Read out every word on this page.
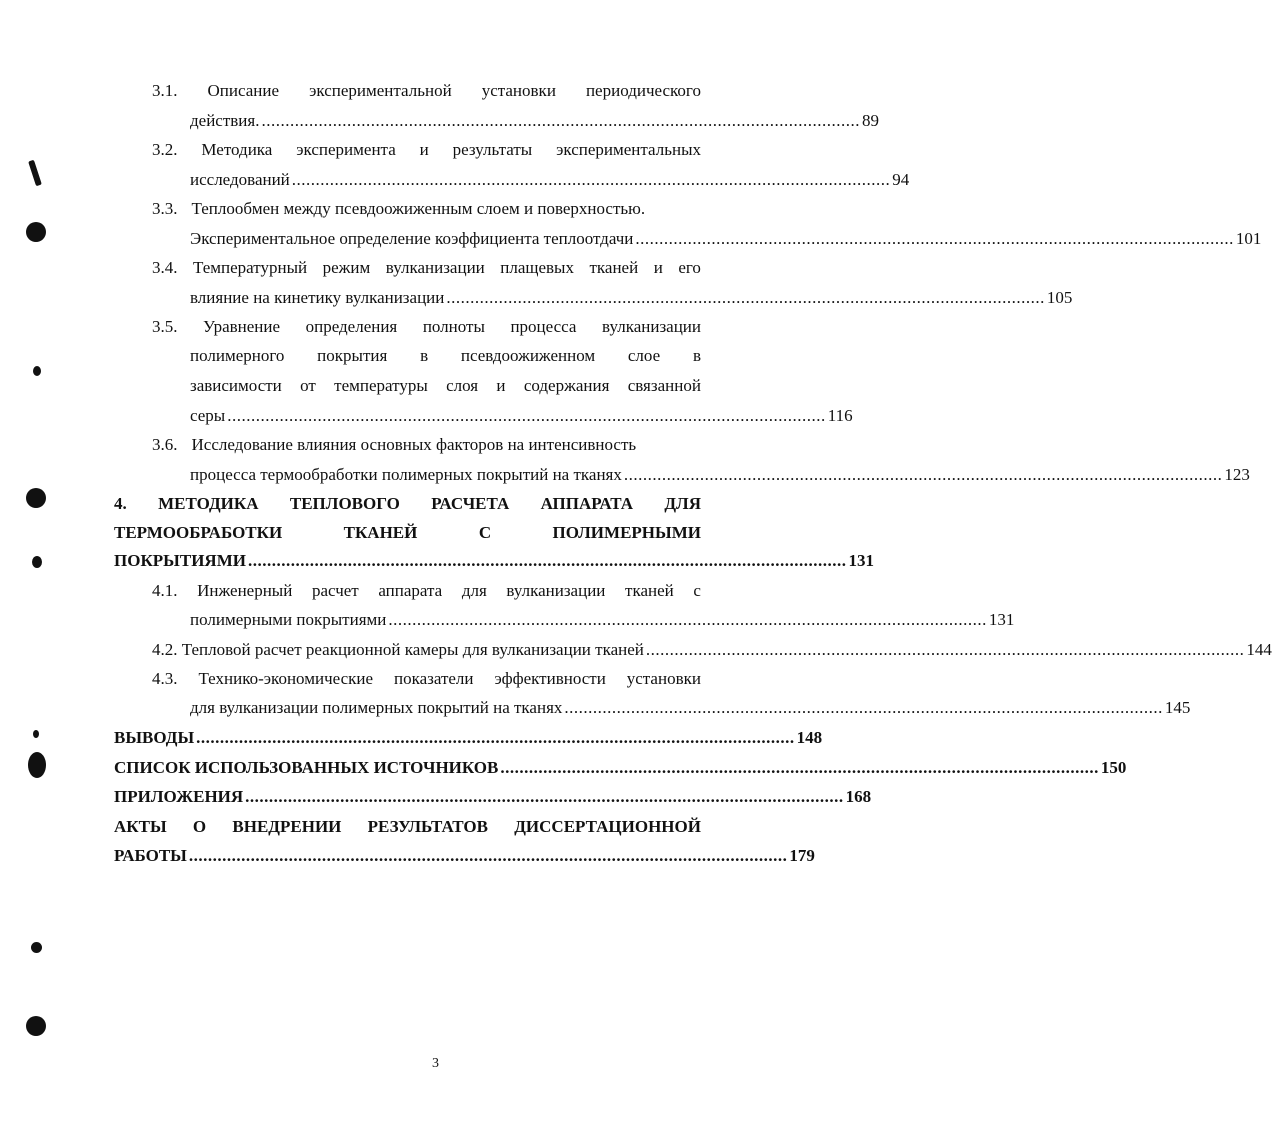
3.1. Описание экспериментальной установки периодического
действия. .............................................................................................................................. 89
3.2. Методика эксперимента и результаты экспериментальных
исследований .............................................................................................................................. 94
3.3. Теплообмен между псевдоожиженным слоем и поверхностью.
Экспериментальное определение коэффициента теплоотдачи .............................................................................................................................. 101
3.4. Температурный режим вулканизации плащевых тканей и его
влияние на кинетику вулканизации .............................................................................................................................. 105
3.5. Уравнение определения полноты процесса вулканизации
полимерного покрытия в псевдоожиженном слое в
зависимости от температуры слоя и содержания связанной
серы .............................................................................................................................. 116
3.6. Исследование влияния основных факторов на интенсивность
процесса термообработки полимерных покрытий на тканях .............................................................................................................................. 123
4. МЕТОДИКА ТЕПЛОВОГО РАСЧЕТА АППАРАТА ДЛЯ
ТЕРМООБРАБОТКИ	ТКАНЕЙ	С	ПОЛИМЕРНЫМИ
ПОКРЫТИЯМИ .............................................................................................................................. 131
4.1. Инженерный расчет аппарата для вулканизации тканей с
полимерными покрытиями .............................................................................................................................. 131
4.2. Тепловой расчет реакционной камеры для вулканизации тканей .............................................................................................................................. 144
4.3. Технико-экономические показатели эффективности установки
для вулканизации полимерных покрытий на тканях .............................................................................................................................. 145
ВЫВОДЫ .............................................................................................................................. 148
СПИСОК ИСПОЛЬЗОВАННЫХ ИСТОЧНИКОВ .............................................................................................................................. 150
ПРИЛОЖЕНИЯ .............................................................................................................................. 168
АКТЫ О ВНЕДРЕНИИ РЕЗУЛЬТАТОВ ДИССЕРТАЦИОННОЙ
РАБОТЫ .............................................................................................................................. 179
3
